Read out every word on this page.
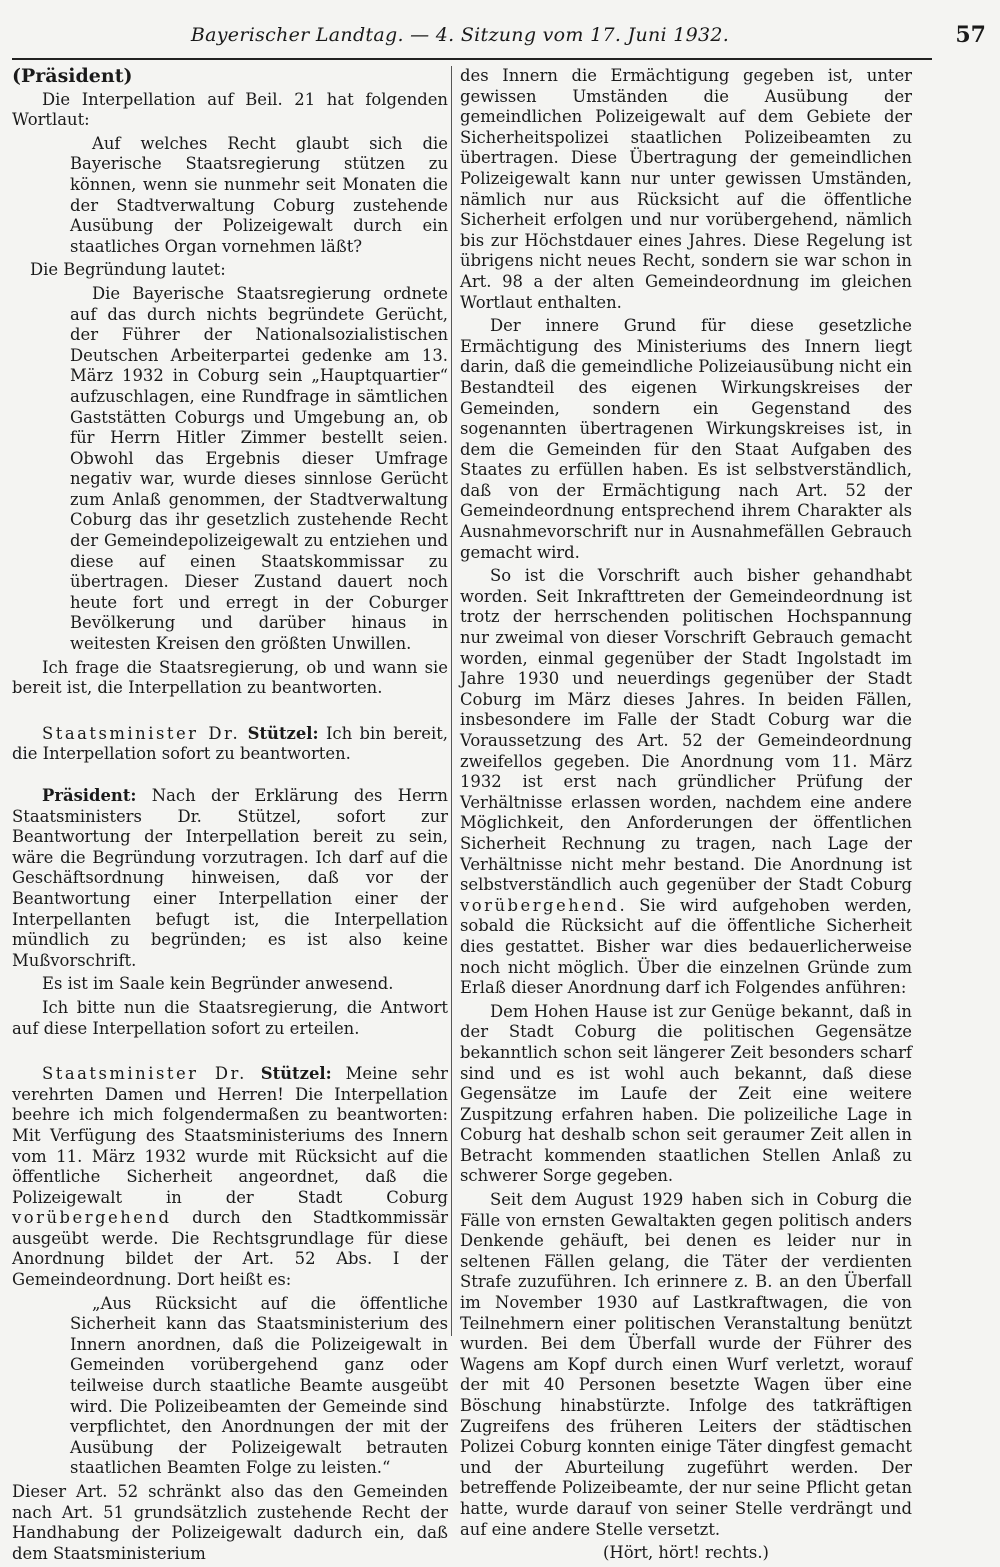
Bayerischer Landtag. — 4. Sitzung vom 17. Juni 1932.	57

(Präsident)

Die Interpellation auf Beil. 21 hat folgenden Wortlaut:

Auf welches Recht glaubt sich die Bayerische Staatsregierung stützen zu können, wenn sie nunmehr seit Monaten die der Stadtverwaltung Coburg zustehende Ausübung der Polizeigewalt durch ein staatliches Organ vornehmen läßt?

Die Begründung lautet:

Die Bayerische Staatsregierung ordnete auf das durch nichts begründete Gerücht, der Führer der Nationalsozialistischen Deutschen Arbeiterpartei gedenke am 13. März 1932 in Coburg sein „Hauptquartier“ aufzuschlagen, eine Rundfrage in sämtlichen Gaststätten Coburgs und Umgebung an, ob für Herrn Hitler Zimmer bestellt seien. Obwohl das Ergebnis dieser Umfrage negativ war, wurde dieses sinnlose Gerücht zum Anlaß genommen, der Stadtverwaltung Coburg das ihr gesetzlich zustehende Recht der Gemeindepolizeigewalt zu entziehen und diese auf einen Staatskommissar zu übertragen. Dieser Zustand dauert noch heute fort und erregt in der Coburger Bevölkerung und darüber hinaus in weitesten Kreisen den größten Unwillen.

Ich frage die Staatsregierung, ob und wann sie bereit ist, die Interpellation zu beantworten.

Staatsminister Dr. Stützel: Ich bin bereit, die Interpellation sofort zu beantworten.

Präsident: Nach der Erklärung des Herrn Staatsministers Dr. Stützel, sofort zur Beantwortung der Interpellation bereit zu sein, wäre die Begründung vorzutragen. Ich darf auf die Geschäftsordnung hinweisen, daß vor der Beantwortung einer Interpellation einer der Interpellanten befugt ist, die Interpellation mündlich zu begründen; es ist also keine Mußvorschrift.

Es ist im Saale kein Begründer anwesend.

Ich bitte nun die Staatsregierung, die Antwort auf diese Interpellation sofort zu erteilen.

Staatsminister Dr. Stützel: Meine sehr verehrten Damen und Herren! Die Interpellation beehre ich mich folgendermaßen zu beantworten: Mit Verfügung des Staatsministeriums des Innern vom 11. März 1932 wurde mit Rücksicht auf die öffentliche Sicherheit angeordnet, daß die Polizeigewalt in der Stadt Coburg vorübergehend durch den Stadtkommissär ausgeübt werde. Die Rechtsgrundlage für diese Anordnung bildet der Art. 52 Abs. I der Gemeindeordnung. Dort heißt es:

„Aus Rücksicht auf die öffentliche Sicherheit kann das Staatsministerium des Innern anordnen, daß die Polizeigewalt in Gemeinden vorübergehend ganz oder teilweise durch staatliche Beamte ausgeübt wird. Die Polizeibeamten der Gemeinde sind verpflichtet, den Anordnungen der mit der Ausübung der Polizeigewalt betrauten staatlichen Beamten Folge zu leisten.“

Dieser Art. 52 schränkt also das den Gemeinden nach Art. 51 grundsätzlich zustehende Recht der Handhabung der Polizeigewalt dadurch ein, daß dem Staatsministerium

des Innern die Ermächtigung gegeben ist, unter gewissen Umständen die Ausübung der gemeindlichen Polizeigewalt auf dem Gebiete der Sicherheitspolizei staatlichen Polizeibeamten zu übertragen. Diese Übertragung der gemeindlichen Polizeigewalt kann nur unter gewissen Umständen, nämlich nur aus Rücksicht auf die öffentliche Sicherheit erfolgen und nur vorübergehend, nämlich bis zur Höchstdauer eines Jahres. Diese Regelung ist übrigens nicht neues Recht, sondern sie war schon in Art. 98 a der alten Gemeindeordnung im gleichen Wortlaut enthalten.

Der innere Grund für diese gesetzliche Ermächtigung des Ministeriums des Innern liegt darin, daß die gemeindliche Polizeiausübung nicht ein Bestandteil des eigenen Wirkungskreises der Gemeinden, sondern ein Gegenstand des sogenannten übertragenen Wirkungskreises ist, in dem die Gemeinden für den Staat Aufgaben des Staates zu erfüllen haben. Es ist selbstverständlich, daß von der Ermächtigung nach Art. 52 der Gemeindeordnung entsprechend ihrem Charakter als Ausnahmevorschrift nur in Ausnahmefällen Gebrauch gemacht wird.

So ist die Vorschrift auch bisher gehandhabt worden. Seit Inkrafttreten der Gemeindeordnung ist trotz der herrschenden politischen Hochspannung nur zweimal von dieser Vorschrift Gebrauch gemacht worden, einmal gegenüber der Stadt Ingolstadt im Jahre 1930 und neuerdings gegenüber der Stadt Coburg im März dieses Jahres. In beiden Fällen, insbesondere im Falle der Stadt Coburg war die Voraussetzung des Art. 52 der Gemeindeordnung zweifellos gegeben. Die Anordnung vom 11. März 1932 ist erst nach gründlicher Prüfung der Verhältnisse erlassen worden, nachdem eine andere Möglichkeit, den Anforderungen der öffentlichen Sicherheit Rechnung zu tragen, nach Lage der Verhältnisse nicht mehr bestand. Die Anordnung ist selbstverständlich auch gegenüber der Stadt Coburg vorübergehend. Sie wird aufgehoben werden, sobald die Rücksicht auf die öffentliche Sicherheit dies gestattet. Bisher war dies bedauerlicherweise noch nicht möglich. Über die einzelnen Gründe zum Erlaß dieser Anordnung darf ich Folgendes anführen:

Dem Hohen Hause ist zur Genüge bekannt, daß in der Stadt Coburg die politischen Gegensätze bekanntlich schon seit längerer Zeit besonders scharf sind und es ist wohl auch bekannt, daß diese Gegensätze im Laufe der Zeit eine weitere Zuspitzung erfahren haben. Die polizeiliche Lage in Coburg hat deshalb schon seit geraumer Zeit allen in Betracht kommenden staatlichen Stellen Anlaß zu schwerer Sorge gegeben.

Seit dem August 1929 haben sich in Coburg die Fälle von ernsten Gewaltakten gegen politisch anders Denkende gehäuft, bei denen es leider nur in seltenen Fällen gelang, die Täter der verdienten Strafe zuzuführen. Ich erinnere z. B. an den Überfall im November 1930 auf Lastkraftwagen, die von Teilnehmern einer politischen Veranstaltung benützt wurden. Bei dem Überfall wurde der Führer des Wagens am Kopf durch einen Wurf verletzt, worauf der mit 40 Personen besetzte Wagen über eine Böschung hinabstürzte. Infolge des tatkräftigen Zugreifens des früheren Leiters der städtischen Polizei Coburg konnten einige Täter dingfest gemacht und der Aburteilung zugeführt werden. Der betreffende Polizeibeamte, der nur seine Pflicht getan hatte, wurde darauf von seiner Stelle verdrängt und auf eine andere Stelle versetzt.

(Hört, hört! rechts.)
